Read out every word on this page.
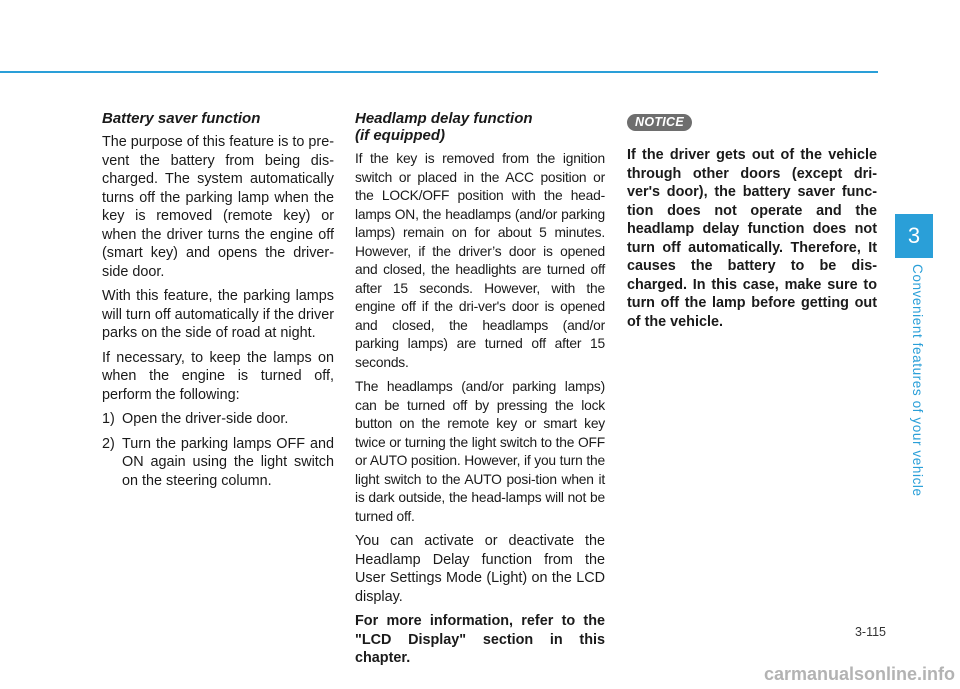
Battery saver function

The purpose of this feature is to pre-vent the battery from being dis-charged. The system automatically turns off the parking lamp when the key is removed (remote key) or when the driver turns the engine off (smart key) and opens the driver-side door.

With this feature, the parking lamps will turn off automatically if the driver parks on the side of road at night.

If necessary, to keep the lamps on when the engine is turned off, perform the following:

1) Open the driver-side door.
2) Turn the parking lamps OFF and ON again using the light switch on the steering column.
Headlamp delay function
(if equipped)

If the key is removed from the ignition switch or placed in the ACC position or the LOCK/OFF position with the head-lamps ON, the headlamps (and/or parking lamps) remain on for about 5 minutes. However, if the driver’s door is opened and closed, the headlights are turned off after 15 seconds. However, with the engine off if the dri-ver's door is opened and closed, the headlamps (and/or parking lamps) are turned off after 15 seconds.

The headlamps (and/or parking lamps) can be turned off by pressing the lock button on the remote key or smart key twice or turning the light switch to the OFF or AUTO position. However, if you turn the light switch to the AUTO posi-tion when it is dark outside, the head-lamps will not be turned off.

You can activate or deactivate the Headlamp Delay function from the User Settings Mode (Light) on the LCD display.

For more information, refer to the "LCD Display" section in this chapter.

NOTICE

If the driver gets out of the vehicle through other doors (except dri-ver's door), the battery saver func-tion does not operate and the headlamp delay function does not turn off automatically. Therefore, It causes the battery to be dis-charged. In this case, make sure to turn off the lamp before getting out of the vehicle.

3
Convenient features of your vehicle
3-115
carmanualsonline.info
